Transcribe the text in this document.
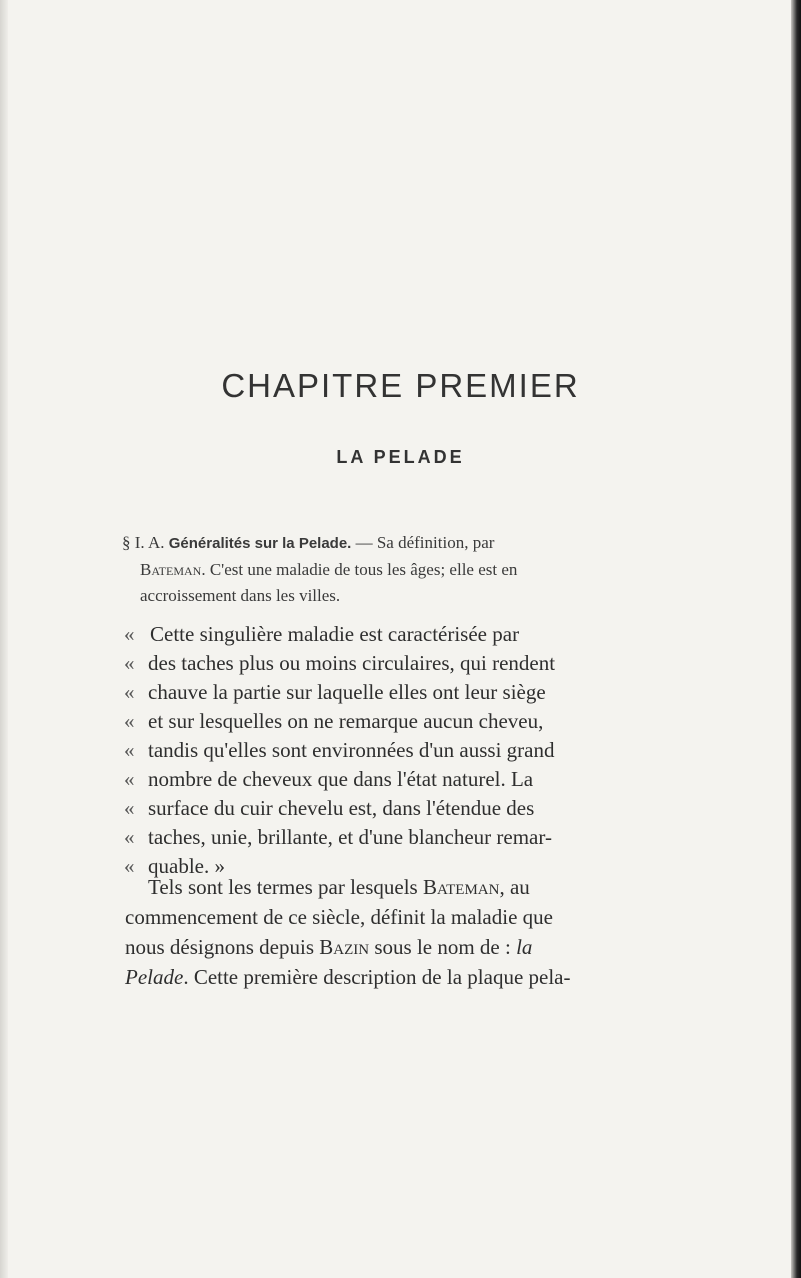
CHAPITRE PREMIER
LA PELADE
§ I. A. Généralités sur la Pelade. — Sa définition, par
Bateman. C'est une maladie de tous les âges; elle est en
accroissement dans les villes.
« Cette singulière maladie est caractérisée par
« des taches plus ou moins circulaires, qui rendent
« chauve la partie sur laquelle elles ont leur siège
« et sur lesquelles on ne remarque aucun cheveu,
« tandis qu'elles sont environnées d'un aussi grand
« nombre de cheveux que dans l'état naturel. La
« surface du cuir chevelu est, dans l'étendue des
« taches, unie, brillante, et d'une blancheur remar-
« quable. »
Tels sont les termes par lesquels Bateman, au
commencement de ce siècle, définit la maladie que
nous désignons depuis Bazin sous le nom de : la
Pelade. Cette première description de la plaque pela-
